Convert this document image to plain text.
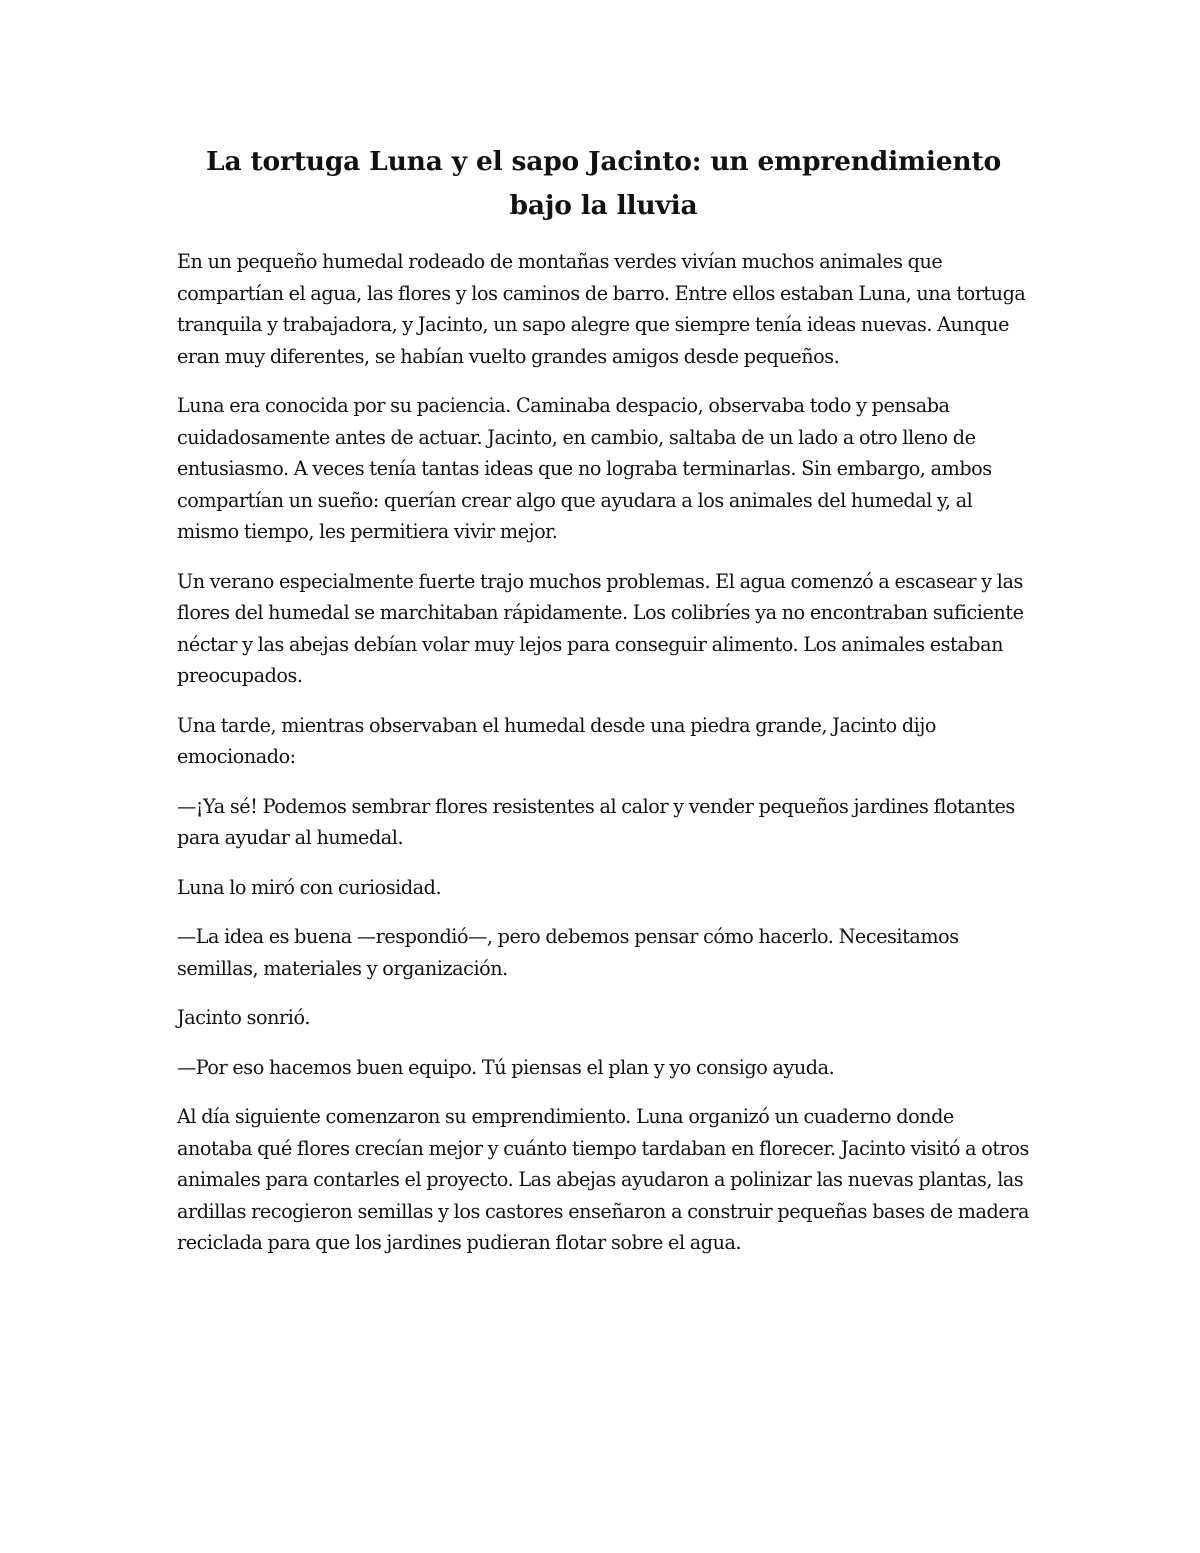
La tortuga Luna y el sapo Jacinto: un emprendimiento bajo la lluvia

En un pequeño humedal rodeado de montañas verdes vivían muchos animales que compartían el agua, las flores y los caminos de barro. Entre ellos estaban Luna, una tortuga tranquila y trabajadora, y Jacinto, un sapo alegre que siempre tenía ideas nuevas. Aunque eran muy diferentes, se habían vuelto grandes amigos desde pequeños.

Luna era conocida por su paciencia. Caminaba despacio, observaba todo y pensaba cuidadosamente antes de actuar. Jacinto, en cambio, saltaba de un lado a otro lleno de entusiasmo. A veces tenía tantas ideas que no lograba terminarlas. Sin embargo, ambos compartían un sueño: querían crear algo que ayudara a los animales del humedal y, al mismo tiempo, les permitiera vivir mejor.

Un verano especialmente fuerte trajo muchos problemas. El agua comenzó a escasear y las flores del humedal se marchitaban rápidamente. Los colibríes ya no encontraban suficiente néctar y las abejas debían volar muy lejos para conseguir alimento. Los animales estaban preocupados.

Una tarde, mientras observaban el humedal desde una piedra grande, Jacinto dijo emocionado:

—¡Ya sé! Podemos sembrar flores resistentes al calor y vender pequeños jardines flotantes para ayudar al humedal.

Luna lo miró con curiosidad.

—La idea es buena —respondió—, pero debemos pensar cómo hacerlo. Necesitamos semillas, materiales y organización.

Jacinto sonrió.

—Por eso hacemos buen equipo. Tú piensas el plan y yo consigo ayuda.

Al día siguiente comenzaron su emprendimiento. Luna organizó un cuaderno donde anotaba qué flores crecían mejor y cuánto tiempo tardaban en florecer. Jacinto visitó a otros animales para contarles el proyecto. Las abejas ayudaron a polinizar las nuevas plantas, las ardillas recogieron semillas y los castores enseñaron a construir pequeñas bases de madera reciclada para que los jardines pudieran flotar sobre el agua.
